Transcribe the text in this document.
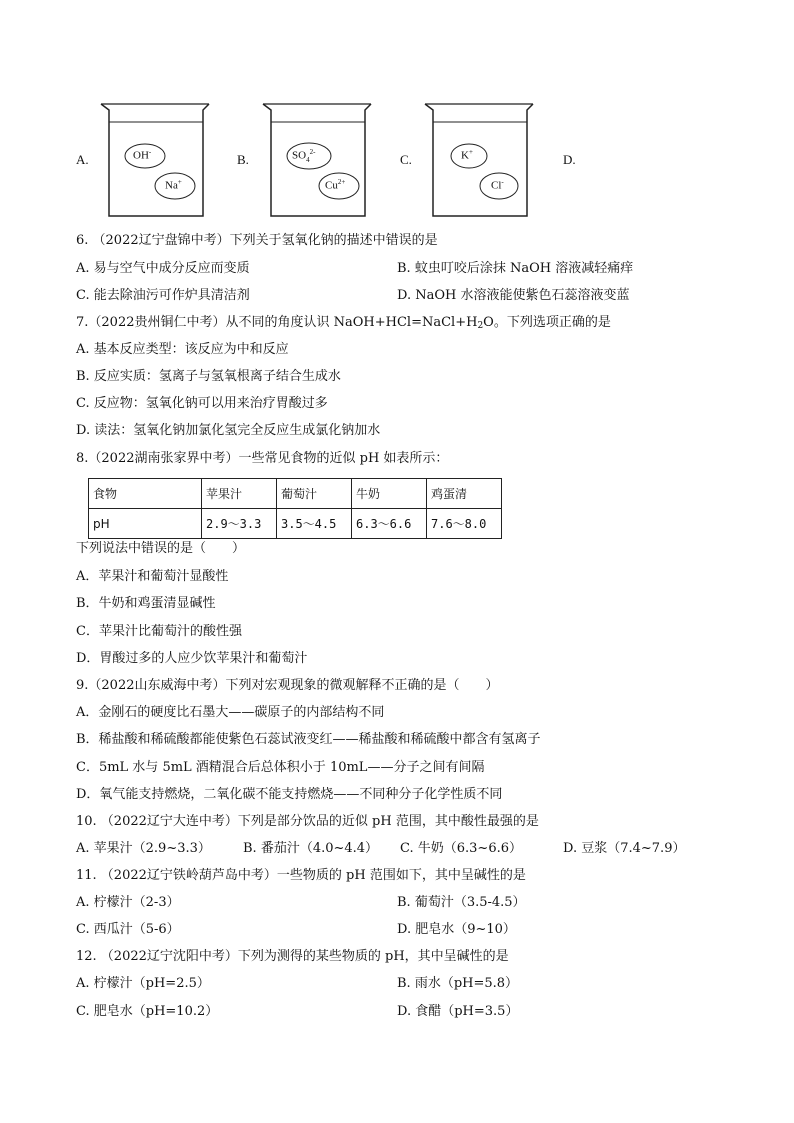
A.	OH-
Na+
B.	$SO_4^{2-}$
$Cu^{2+}$
C.	K+
Cl-
D.
6. （2022辽宁盘锦中考）下列关于氢氧化钠的描述中错误的是
A. 易与空气中成分反应而变质	B. 蚊虫叮咬后涂抹 NaOH 溶液减轻痛痒
C. 能去除油污可作炉具清洁剂	D. NaOH 水溶液能使紫色石蕊溶液变蓝
7.（2022贵州铜仁中考）从不同的角度认识 $NaOH+HCl=NaCl+H_2O$。下列选项正确的是
A. 基本反应类型：该反应为中和反应
B. 反应实质：氢离子与氢氧根离子结合生成水
C. 反应物：氢氧化钠可以用来治疗胃酸过多
D. 读法：氢氧化钠加氯化氢完全反应生成氯化钠加水
8.（2022湖南张家界中考）一些常见食物的近似 pH 如表所示：
食物	苹果汁	葡萄汁	牛奶	鸡蛋清
pH	2.9～3.3	3.5～4.5	6.3～6.6	7.6～8.0
下列说法中错误的是（　　）
A．苹果汁和葡萄汁显酸性
B．牛奶和鸡蛋清显碱性
C．苹果汁比葡萄汁的酸性强
D．胃酸过多的人应少饮苹果汁和葡萄汁
9.（2022山东威海中考）下列对宏观现象的微观解释不正确的是（　　）
A．金刚石的硬度比石墨大——碳原子的内部结构不同
B．稀盐酸和稀硫酸都能使紫色石蕊试液变红——稀盐酸和稀硫酸中都含有氢离子
C．5mL 水与 5mL 酒精混合后总体积小于 10mL——分子之间有间隔
D．氧气能支持燃烧，二氧化碳不能支持燃烧——不同种分子化学性质不同
10. （2022辽宁大连中考）下列是部分饮品的近似 pH 范围，其中酸性最强的是
A. 苹果汁（2.9~3.3） B. 番茄汁（4.0~4.4） C. 牛奶（6.3~6.6）	D. 豆浆（7.4~7.9）
11. （2022辽宁铁岭葫芦岛中考）一些物质的 pH 范围如下，其中呈碱性的是
A. 柠檬汁（2-3）	B. 葡萄汁（3.5-4.5）
C. 西瓜汁（5-6）	D. 肥皂水（9~10）
12. （2022辽宁沈阳中考）下列为测得的某些物质的 pH，其中呈碱性的是
A. 柠檬汁（pH=2.5）	B. 雨水（pH=5.8）
C. 肥皂水（pH=10.2）	D. 食醋（pH=3.5）
